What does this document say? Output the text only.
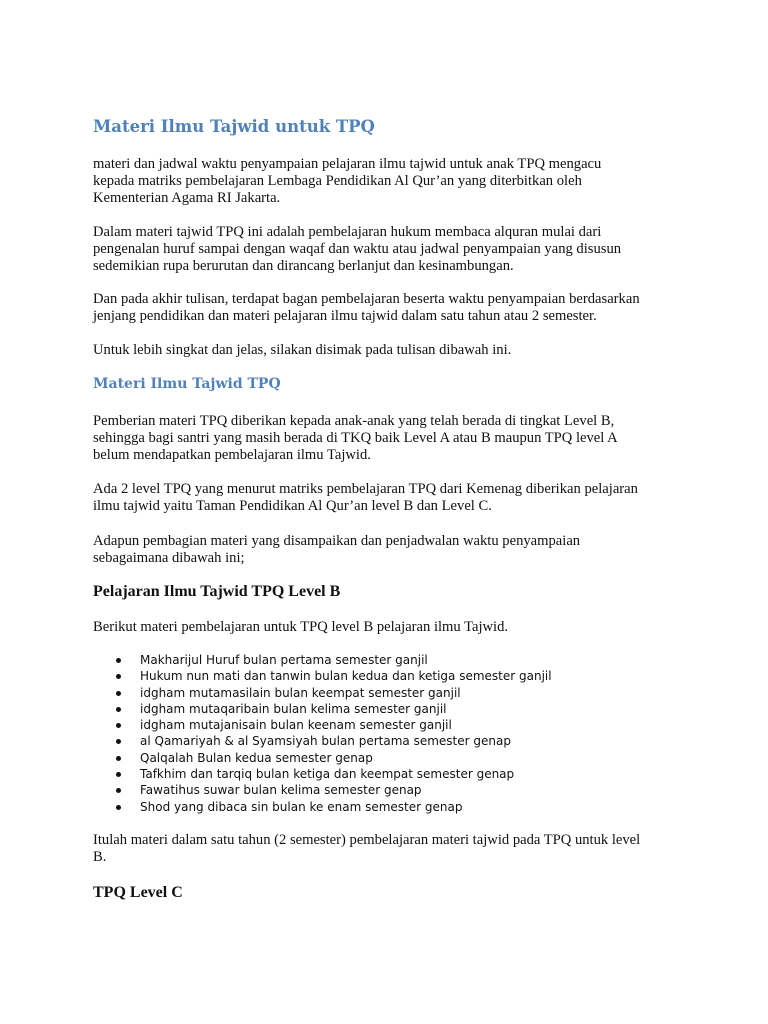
Materi Ilmu Tajwid untuk TPQ

materi dan jadwal waktu penyampaian pelajaran ilmu tajwid untuk anak TPQ mengacu

kepada matriks pembelajaran Lembaga Pendidikan Al Qur’an yang diterbitkan oleh

Kementerian Agama RI Jakarta.

Dalam materi tajwid TPQ ini adalah pembelajaran hukum membaca alquran mulai dari

pengenalan huruf sampai dengan waqaf dan waktu atau jadwal penyampaian yang disusun

sedemikian rupa berurutan dan dirancang berlanjut dan kesinambungan.

Dan pada akhir tulisan, terdapat bagan pembelajaran beserta waktu penyampaian berdasarkan

jenjang pendidikan dan materi pelajaran ilmu tajwid dalam satu tahun atau 2 semester.

Untuk lebih singkat dan jelas, silakan disimak pada tulisan dibawah ini.

Materi Ilmu Tajwid TPQ

Pemberian materi TPQ diberikan kepada anak-anak yang telah berada di tingkat Level B,

sehingga bagi santri yang masih berada di TKQ baik Level A atau B maupun TPQ level A

belum mendapatkan pembelajaran ilmu Tajwid.

Ada 2 level TPQ yang menurut matriks pembelajaran TPQ dari Kemenag diberikan pelajaran

ilmu tajwid yaitu Taman Pendidikan Al Qur’an level B dan Level C.

Adapun pembagian materi yang disampaikan dan penjadwalan waktu penyampaian

sebagaimana dibawah ini;

Pelajaran Ilmu Tajwid TPQ Level B

Berikut materi pembelajaran untuk TPQ level B pelajaran ilmu Tajwid.

Makharijul Huruf bulan pertama semester ganjil
Hukum nun mati dan tanwin bulan kedua dan ketiga semester ganjil
idgham mutamasilain bulan keempat semester ganjil
idgham mutaqaribain bulan kelima semester ganjil
idgham mutajanisain bulan keenam semester ganjil
al Qamariyah & al Syamsiyah bulan pertama semester genap
Qalqalah Bulan kedua semester genap
Tafkhim dan tarqiq bulan ketiga dan keempat semester genap
Fawatihus suwar bulan kelima semester genap
Shod yang dibaca sin bulan ke enam semester genap

Itulah materi dalam satu tahun (2 semester) pembelajaran materi tajwid pada TPQ untuk level

B.

TPQ Level C
